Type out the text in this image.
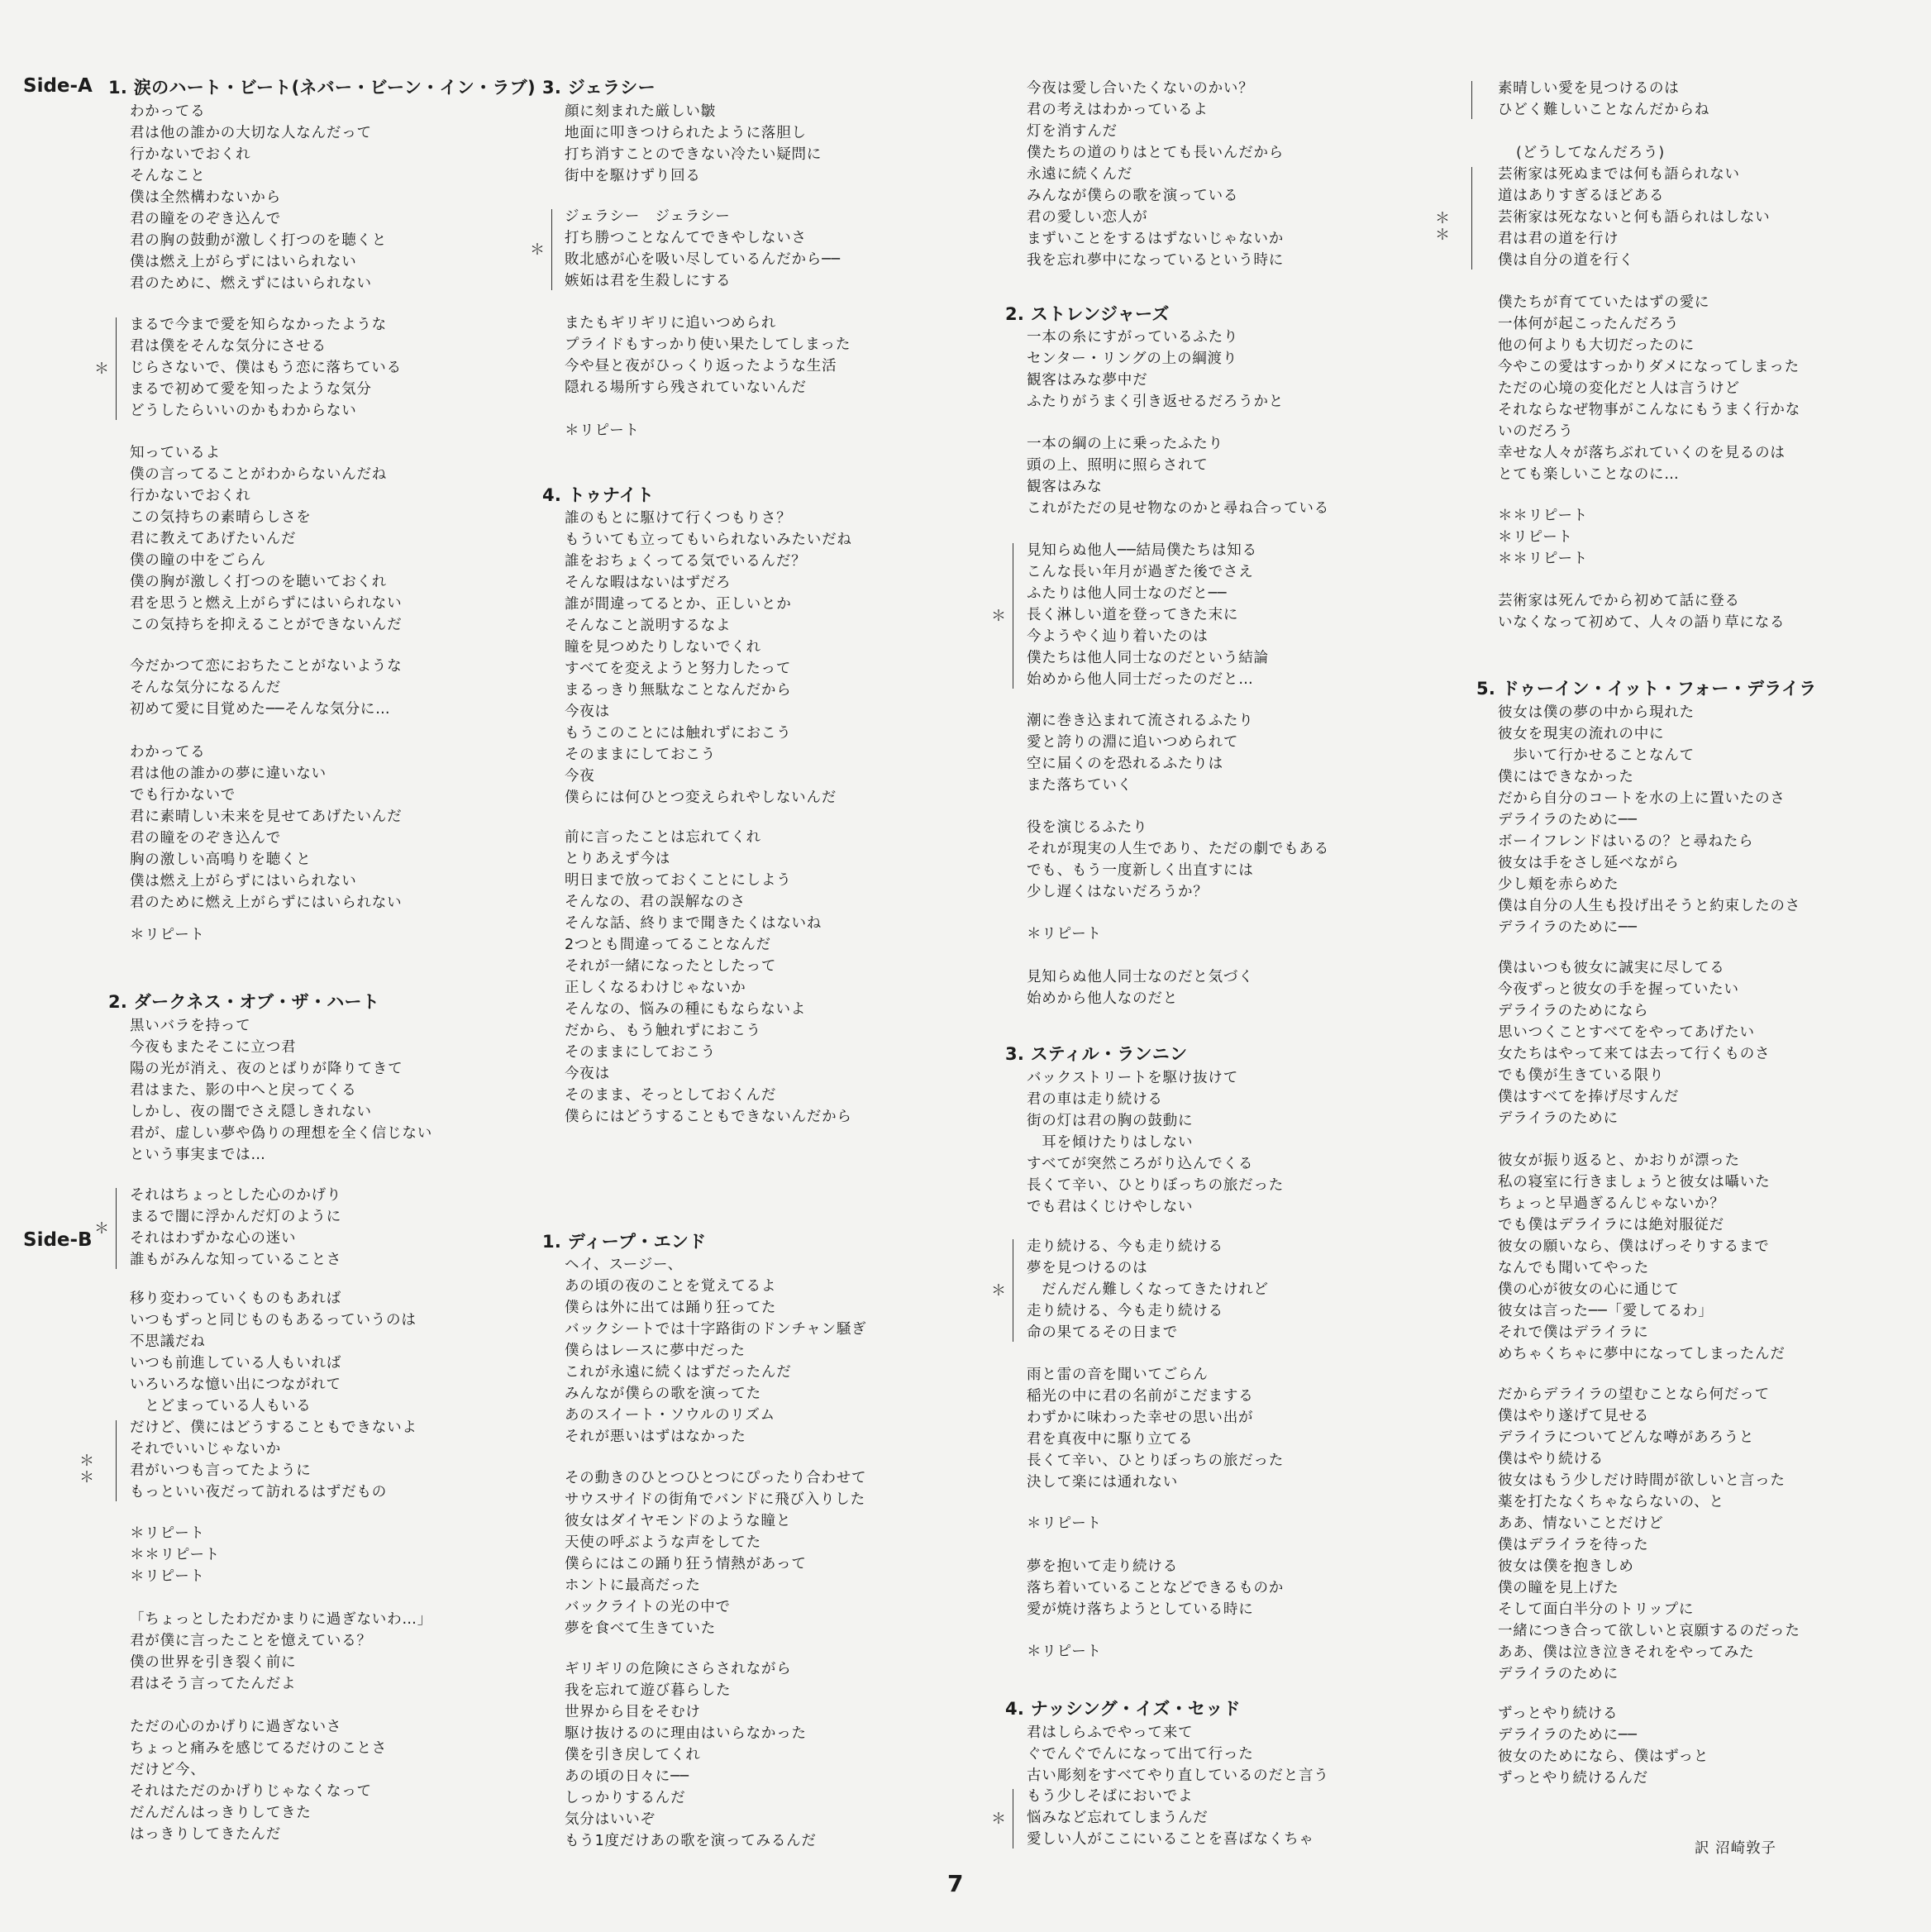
Side-A 1. 涙のハート・ビート(ネバー・ビーン・イン・ラブ)
わかってる
君は他の誰かの大切な人なんだって
行かないでおくれ
そんなこと
僕は全然構わないから
君の瞳をのぞき込んで
君の胸の鼓動が激しく打つのを聴くと
僕は燃え上がらずにはいられない
君のために、燃えずにはいられない
まるで今まで愛を知らなかったような
君は僕をそんな気分にさせる
じらさないで、僕はもう恋に落ちている
まるで初めて愛を知ったような気分
どうしたらいいのかもわからない
＊
知っているよ
僕の言ってることがわからないんだね
行かないでおくれ
この気持ちの素晴らしさを
君に教えてあげたいんだ
僕の瞳の中をごらん
僕の胸が激しく打つのを聴いておくれ
君を思うと燃え上がらずにはいられない
この気持ちを抑えることができないんだ
今だかつて恋におちたことがないような
そんな気分になるんだ
初めて愛に目覚めた──そんな気分に…
わかってる
君は他の誰かの夢に違いない
でも行かないで
君に素晴しい未来を見せてあげたいんだ
君の瞳をのぞき込んで
胸の激しい高鳴りを聴くと
僕は燃え上がらずにはいられない
君のために燃え上がらずにはいられない
＊リピート
2. ダークネス・オブ・ザ・ハート
黒いバラを持って
今夜もまたそこに立つ君
陽の光が消え、夜のとばりが降りてきて
君はまた、影の中へと戻ってくる
しかし、夜の闇でさえ隠しきれない
君が、虚しい夢や偽りの理想を全く信じない
という事実までは…
それはちょっとした心のかげり
まるで闇に浮かんだ灯のように
それはわずかな心の迷い
誰もがみんな知っていることさ
＊
移り変わっていくものもあれば
いつもずっと同じものもあるっていうのは
不思議だね
いつも前進している人もいれば
いろいろな憶い出につながれて
　とどまっている人もいる
だけど、僕にはどうすることもできないよ
それでいいじゃないか
君がいつも言ってたように
もっといい夜だって訪れるはずだもの
＊＊
＊リピート
＊＊リピート
＊リピート
「ちょっとしたわだかまりに過ぎないわ…」
君が僕に言ったことを憶えている？
僕の世界を引き裂く前に
君はそう言ってたんだよ
ただの心のかげりに過ぎないさ
ちょっと痛みを感じてるだけのことさ
だけど今、
それはただのかげりじゃなくなって
だんだんはっきりしてきた
はっきりしてきたんだ
3. ジェラシー
顔に刻まれた厳しい皺
地面に叩きつけられたように落胆し
打ち消すことのできない冷たい疑問に
街中を駆けずり回る
ジェラシー　ジェラシー
打ち勝つことなんてできやしないさ
敗北感が心を吸い尽しているんだから──
嫉妬は君を生殺しにする
＊
またもギリギリに追いつめられ
プライドもすっかり使い果たしてしまった
今や昼と夜がひっくり返ったような生活
隠れる場所すら残されていないんだ
＊リピート
4. トゥナイト
誰のもとに駆けて行くつもりさ？
もういても立ってもいられないみたいだね
誰をおちょくってる気でいるんだ？
そんな暇はないはずだろ
誰が間違ってるとか、正しいとか
そんなこと説明するなよ
瞳を見つめたりしないでくれ
すべてを変えようと努力したって
まるっきり無駄なことなんだから
今夜は
もうこのことには触れずにおこう
そのままにしておこう
今夜
僕らには何ひとつ変えられやしないんだ
前に言ったことは忘れてくれ
とりあえず今は
明日まで放っておくことにしよう
そんなの、君の誤解なのさ
そんな話、終りまで聞きたくはないね
2つとも間違ってることなんだ
それが一緒になったとしたって
正しくなるわけじゃないか
そんなの、悩みの種にもならないよ
だから、もう触れずにおこう
そのままにしておこう
今夜は
そのまま、そっとしておくんだ
僕らにはどうすることもできないんだから
Side-B	1. ディープ・エンド
ヘイ、スージー、
あの頃の夜のことを覚えてるよ
僕らは外に出ては踊り狂ってた
バックシートでは十字路街のドンチャン騒ぎ
僕らはレースに夢中だった
これが永遠に続くはずだったんだ
みんなが僕らの歌を演ってた
あのスイート・ソウルのリズム
それが悪いはずはなかった
その動きのひとつひとつにぴったり合わせて
サウスサイドの街角でバンドに飛び入りした
彼女はダイヤモンドのような瞳と
天使の呼ぶような声をしてた
僕らにはこの踊り狂う情熱があって
ホントに最高だった
バックライトの光の中で
夢を食べて生きていた
ギリギリの危険にさらされながら
我を忘れて遊び暮らした
世界から目をそむけ
駆け抜けるのに理由はいらなかった
僕を引き戻してくれ
あの頃の日々に──
しっかりするんだ
気分はいいぞ
もう1度だけあの歌を演ってみるんだ
今夜は愛し合いたくないのかい？
君の考えはわかっているよ
灯を消すんだ
僕たちの道のりはとても長いんだから
永遠に続くんだ
みんなが僕らの歌を演っている
君の愛しい恋人が
まずいことをするはずないじゃないか
我を忘れ夢中になっているという時に
2. ストレンジャーズ
一本の糸にすがっているふたり
センター・リングの上の綱渡り
観客はみな夢中だ
ふたりがうまく引き返せるだろうかと
一本の綱の上に乗ったふたり
頭の上、照明に照らされて
観客はみな
これがただの見せ物なのかと尋ね合っている
見知らぬ他人──結局僕たちは知る
こんな長い年月が過ぎた後でさえ
ふたりは他人同士なのだと──
長く淋しい道を登ってきた末に
今ようやく辿り着いたのは
僕たちは他人同士なのだという結論
始めから他人同士だったのだと…
＊
潮に巻き込まれて流されるふたり
愛と誇りの淵に追いつめられて
空に届くのを恐れるふたりは
また落ちていく
役を演じるふたり
それが現実の人生であり、ただの劇でもある
でも、もう一度新しく出直すには
少し遅くはないだろうか？
＊リピート
見知らぬ他人同士なのだと気づく
始めから他人なのだと
3. スティル・ランニン
バックストリートを駆け抜けて
君の車は走り続ける
街の灯は君の胸の鼓動に
　耳を傾けたりはしない
すべてが突然ころがり込んでくる
長くて辛い、ひとりぼっちの旅だった
でも君はくじけやしない
走り続ける、今も走り続ける
夢を見つけるのは
　だんだん難しくなってきたけれど
走り続ける、今も走り続ける
命の果てるその日まで
＊
雨と雷の音を聞いてごらん
稲光の中に君の名前がこだまする
わずかに味わった幸せの思い出が
君を真夜中に駆り立てる
長くて辛い、ひとりぼっちの旅だった
決して楽には通れない
＊リピート
夢を抱いて走り続ける
落ち着いていることなどできるものか
愛が焼け落ちようとしている時に
＊リピート
4. ナッシング・イズ・セッド
君はしらふでやって来て
ぐでんぐでんになって出て行った
古い彫刻をすべてやり直しているのだと言う
もう少しそばにおいでよ
悩みなど忘れてしまうんだ
愛しい人がここにいることを喜ばなくちゃ
＊
素晴しい愛を見つけるのは
ひどく難しいことなんだからね
(どうしてなんだろう)
芸術家は死ぬまでは何も語られない
道はありすぎるほどある
芸術家は死なないと何も語られはしない
君は君の道を行け
僕は自分の道を行く
＊＊
僕たちが育てていたはずの愛に
一体何が起こったんだろう
他の何よりも大切だったのに
今やこの愛はすっかりダメになってしまった
ただの心境の変化だと人は言うけど
それならなぜ物事がこんなにもうまく行かな
いのだろう
幸せな人々が落ちぶれていくのを見るのは
とても楽しいことなのに…
＊＊リピート
＊リピート
＊＊リピート
芸術家は死んでから初めて話に登る
いなくなって初めて、人々の語り草になる
5. ドゥーイン・イット・フォー・デライラ
彼女は僕の夢の中から現れた
彼女を現実の流れの中に
　歩いて行かせることなんて
僕にはできなかった
だから自分のコートを水の上に置いたのさ
デライラのために──
ボーイフレンドはいるの？と尋ねたら
彼女は手をさし延べながら
少し頬を赤らめた
僕は自分の人生も投げ出そうと約束したのさ
デライラのために──
僕はいつも彼女に誠実に尽してる
今夜ずっと彼女の手を握っていたい
デライラのためになら
思いつくことすべてをやってあげたい
女たちはやって来ては去って行くものさ
でも僕が生きている限り
僕はすべてを捧げ尽すんだ
デライラのために
彼女が振り返ると、かおりが漂った
私の寝室に行きましょうと彼女は囁いた
ちょっと早過ぎるんじゃないか？
でも僕はデライラには絶対服従だ
彼女の願いなら、僕はげっそりするまで
なんでも聞いてやった
僕の心が彼女の心に通じて
彼女は言った──「愛してるわ」
それで僕はデライラに
めちゃくちゃに夢中になってしまったんだ
だからデライラの望むことなら何だって
僕はやり遂げて見せる
デライラについてどんな噂があろうと
僕はやり続ける
彼女はもう少しだけ時間が欲しいと言った
薬を打たなくちゃならないの、と
ああ、情ないことだけど
僕はデライラを待った
彼女は僕を抱きしめ
僕の瞳を見上げた
そして面白半分のトリップに
一緒につき合って欲しいと哀願するのだった
ああ、僕は泣き泣きそれをやってみた
デライラのために
ずっとやり続ける
デライラのために──
彼女のためになら、僕はずっと
ずっとやり続けるんだ
7
訳 沼崎敦子
